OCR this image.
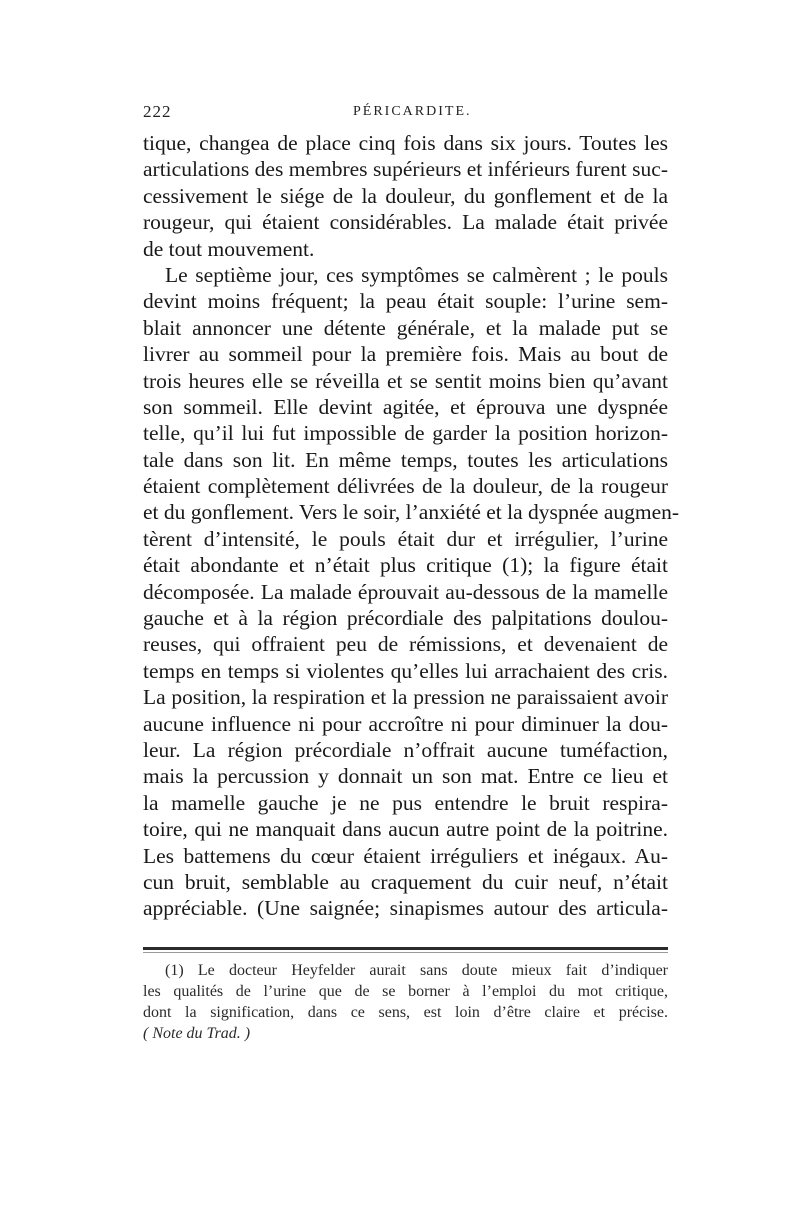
222	PÉRICARDITE.
tique, changea de place cinq fois dans six jours. Toutes les
articulations des membres supérieurs et inférieurs furent suc-
cessivement le siége de la douleur, du gonflement et de la
rougeur, qui étaient considérables. La malade était privée
de tout mouvement.
Le septième jour, ces symptômes se calmèrent ; le pouls
devint moins fréquent; la peau était souple: l’urine sem-
blait annoncer une détente générale, et la malade put se
livrer au sommeil pour la première fois. Mais au bout de
trois heures elle se réveilla et se sentit moins bien qu’avant
son sommeil. Elle devint agitée, et éprouva une dyspnée
telle, qu’il lui fut impossible de garder la position horizon-
tale dans son lit. En même temps, toutes les articulations
étaient complètement délivrées de la douleur, de la rougeur
et du gonflement. Vers le soir, l’anxiété et la dyspnée augmen-
tèrent d’intensité, le pouls était dur et irrégulier, l’urine
était abondante et n’était plus critique (1); la figure était
décomposée. La malade éprouvait au-dessous de la mamelle
gauche et à la région précordiale des palpitations doulou-
reuses, qui offraient peu de rémissions, et devenaient de
temps en temps si violentes qu’elles lui arrachaient des cris.
La position, la respiration et la pression ne paraissaient avoir
aucune influence ni pour accroître ni pour diminuer la dou-
leur. La région précordiale n’offrait aucune tuméfaction,
mais la percussion y donnait un son mat. Entre ce lieu et
la mamelle gauche je ne pus entendre le bruit respira-
toire, qui ne manquait dans aucun autre point de la poitrine.
Les battemens du cœur étaient irréguliers et inégaux. Au-
cun bruit, semblable au craquement du cuir neuf, n’était
appréciable. (Une saignée; sinapismes autour des articula-
(1) Le docteur Heyfelder aurait sans doute mieux fait d’indiquer
les qualités de l’urine que de se borner à l’emploi du mot critique,
dont la signification, dans ce sens, est loin d’être claire et précise.
( Note du Trad. )
